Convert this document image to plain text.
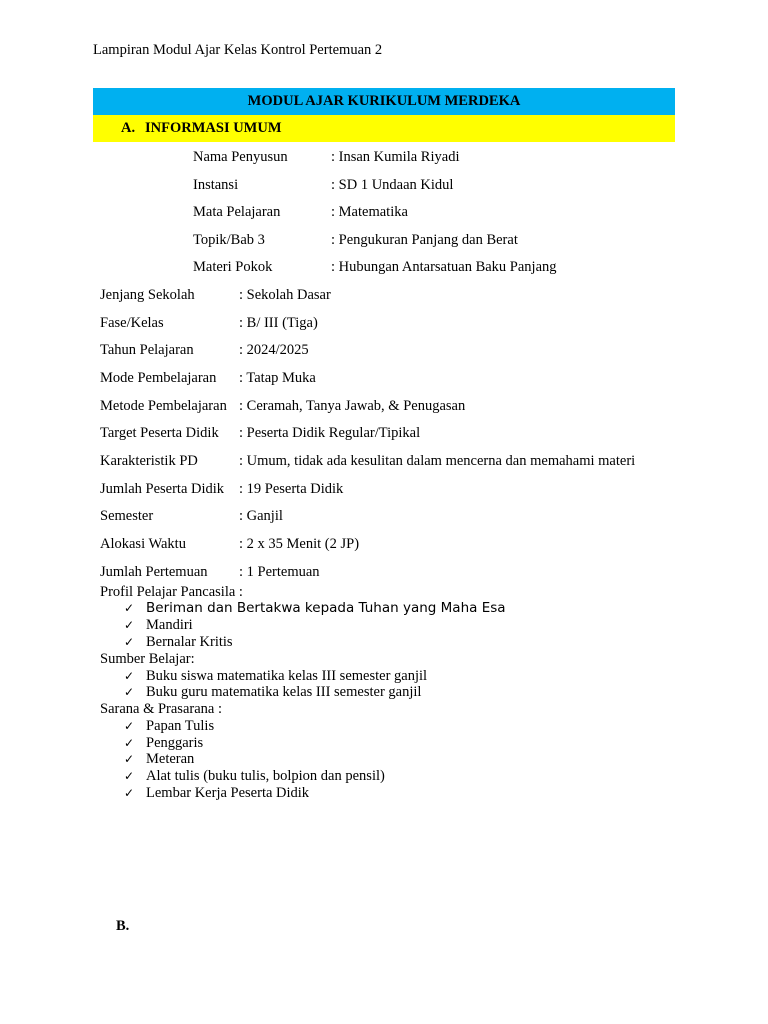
Lampiran Modul Ajar Kelas Kontrol Pertemuan 2
MODUL AJAR KURIKULUM MERDEKA
A. INFORMASI UMUM
Nama Penyusun	: Insan Kumila Riyadi
Instansi	: SD 1 Undaan Kidul
Mata Pelajaran	: Matematika
Topik/Bab 3	: Pengukuran Panjang dan Berat
Materi Pokok	: Hubungan Antarsatuan Baku Panjang
Jenjang Sekolah	: Sekolah Dasar
Fase/Kelas	: B/ III (Tiga)
Tahun Pelajaran	: 2024/2025
Mode Pembelajaran : Tatap Muka
Metode Pembelajaran : Ceramah, Tanya Jawab, & Penugasan
Target Peserta Didik : Peserta Didik Regular/Tipikal
Karakteristik PD	: Umum, tidak ada kesulitan dalam mencerna dan memahami materi
Jumlah Peserta Didik : 19 Peserta Didik
Semester	: Ganjil
Alokasi Waktu	: 2 x 35 Menit (2 JP)
Jumlah Pertemuan : 1 Pertemuan
Profil Pelajar Pancasila :
✓ Beriman dan Bertakwa kepada Tuhan yang Maha Esa
✓ Mandiri
✓ Bernalar Kritis
Sumber Belajar:
✓ Buku siswa matematika kelas III semester ganjil
✓ Buku guru matematika kelas III semester ganjil
Sarana & Prasarana :
✓ Papan Tulis
✓ Penggaris
✓ Meteran
✓ Alat tulis (buku tulis, bolpion dan pensil)
✓ Lembar Kerja Peserta Didik
B.
